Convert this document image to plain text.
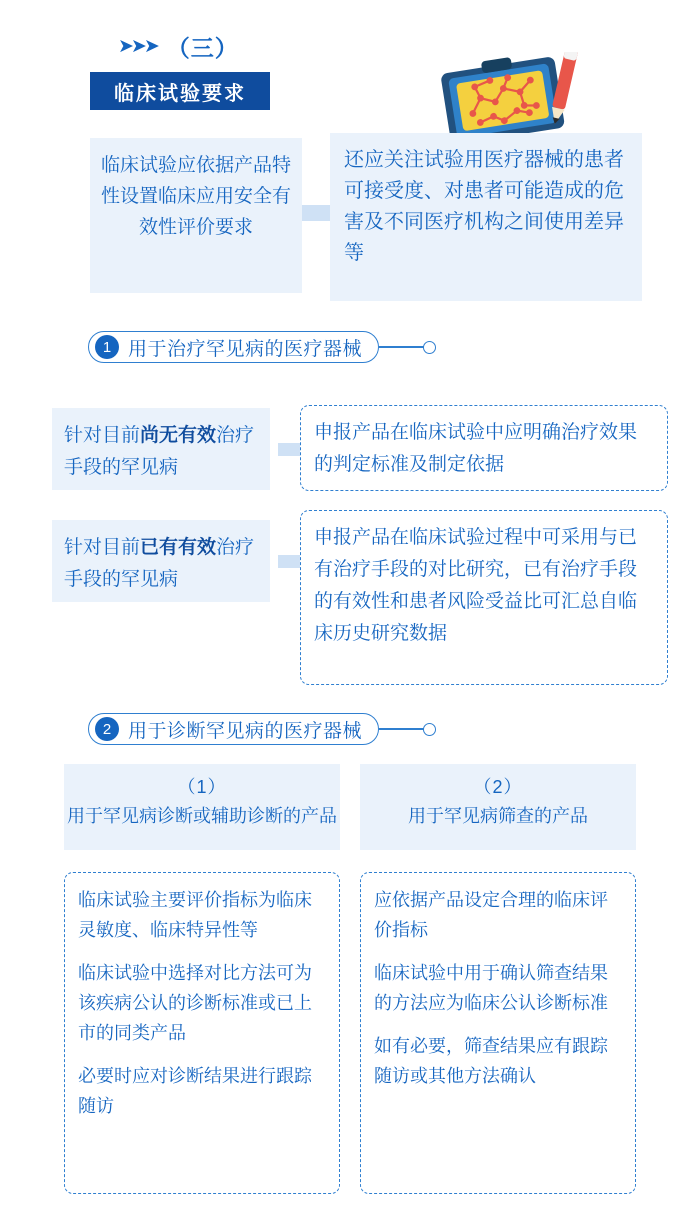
➤➤➤ （三）
临床试验要求
临床试验应依据产品特性设置临床应用安全有效性评价要求
还应关注试验用医疗器械的患者可接受度、对患者可能造成的危害及不同医疗机构之间使用差异等
1 用于治疗罕见病的医疗器械
针对目前尚无有效治疗手段的罕见病
申报产品在临床试验中应明确治疗效果的判定标准及制定依据
针对目前已有有效治疗手段的罕见病
申报产品在临床试验过程中可采用与已有治疗手段的对比研究，已有治疗手段的有效性和患者风险受益比可汇总自临床历史研究数据
2 用于诊断罕见病的医疗器械
（1）
用于罕见病诊断或辅助诊断的产品

临床试验主要评价指标为临床灵敏度、临床特异性等

临床试验中选择对比方法可为该疾病公认的诊断标准或已上市的同类产品

必要时应对诊断结果进行跟踪随访

（2）
用于罕见病筛查的产品

应依据产品设定合理的临床评价指标

临床试验中用于确认筛查结果的方法应为临床公认诊断标准

如有必要，筛查结果应有跟踪随访或其他方法确认
